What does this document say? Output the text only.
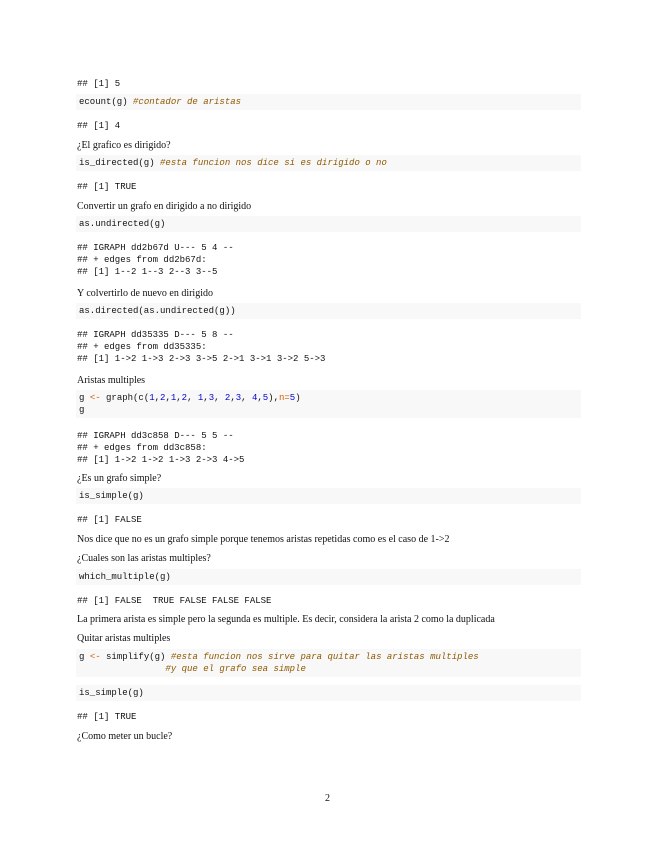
2
## [1] 5
ecount(g) #contador de aristas
## [1] 4
¿El grafico es dirigido?
is_directed(g) #esta funcion nos dice si es dirigido o no
## [1] TRUE
Convertir un grafo en dirigido a no dirigido
as.undirected(g)
## IGRAPH dd2b67d U--- 5 4 --
## + edges from dd2b67d:
## [1] 1--2 1--3 2--3 3--5
Y colvertirlo de nuevo en dirigido
as.directed(as.undirected(g))
## IGRAPH dd35335 D--- 5 8 --
## + edges from dd35335:
## [1] 1->2 1->3 2->3 3->5 2->1 3->1 3->2 5->3
Aristas multiples
g <- graph(c(1,2,1,2, 1,3, 2,3, 4,5),n=5)
g
## IGRAPH dd3c858 D--- 5 5 --
## + edges from dd3c858:
## [1] 1->2 1->2 1->3 2->3 4->5
¿Es un grafo simple?
is_simple(g)
## [1] FALSE
Nos dice que no es un grafo simple porque tenemos aristas repetidas como es el caso de 1->2
¿Cuales son las aristas multiples?
which_multiple(g)
## [1] FALSE  TRUE FALSE FALSE FALSE
La primera arista es simple pero la segunda es multiple. Es decir, considera la arista 2 como la duplicada
Quitar aristas multiples
g <- simplify(g) #esta funcion nos sirve para quitar las aristas multiples
#y que el grafo sea simple
is_simple(g)
## [1] TRUE
¿Como meter un bucle?
